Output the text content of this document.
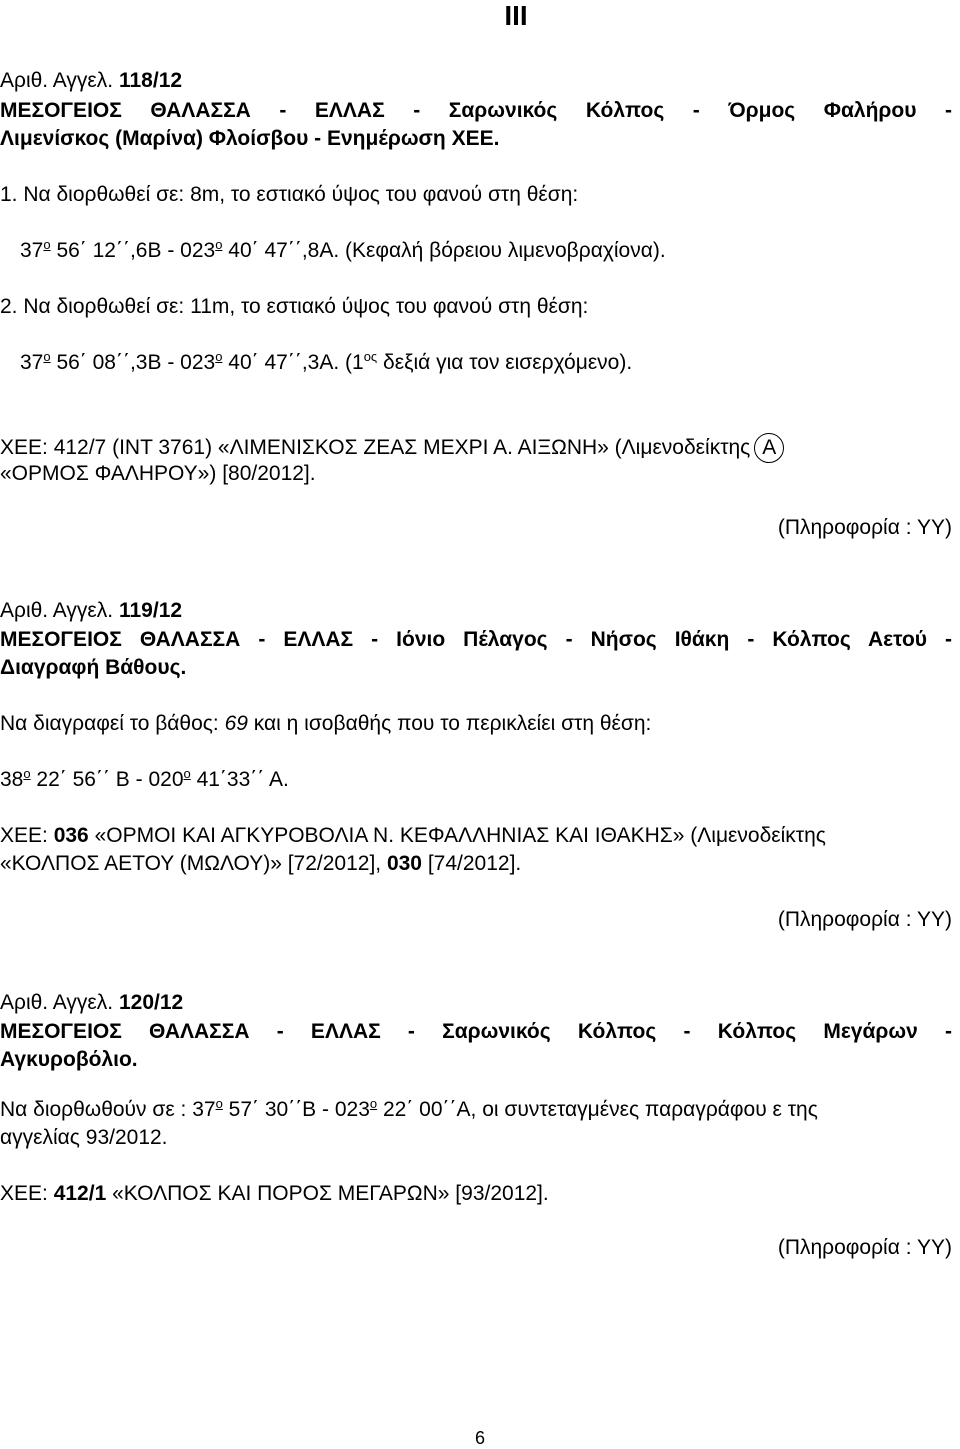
III
Αριθ. Αγγελ. 118/12
ΜΕΣΟΓΕΙΟΣ ΘΑΛΑΣΣΑ - ΕΛΛΑΣ - Σαρωνικός Κόλπος - Όρμος Φαλήρου -
Λιμενίσκος (Μαρίνα) Φλοίσβου - Ενημέρωση ΧΕΕ.
1. Να διορθωθεί σε: 8m, το εστιακό ύψος του φανού στη θέση:
$37^o$ 56΄ $12΄΄,6B - 023^o$ 40΄ 47΄΄,8Α. (Κεφαλή βόρειου λιμενοβραχίονα).
2. Να διορθωθεί σε: 11m, το εστιακό ύψος του φανού στη θέση:
$37^o$ 56΄ $08΄΄,3B - 023^o$ 40΄ 47΄΄,3Α. ($1^{o\varsigma}$ δεξιά για τον εισερχόμενο).
ΧΕΕ: 412/7 (INT 3761) «ΛΙΜΕΝΙΣΚΟΣ ΖΕΑΣ ΜΕΧΡΙ Α. ΑΙΞΩΝΗ» (Λιμενοδείκτης Α
«ΟΡΜΟΣ ΦΑΛΗΡΟΥ») [80/2012].
(Πληροφορία : ΥΥ)
Αριθ. Αγγελ. 119/12
ΜΕΣΟΓΕΙΟΣ ΘΑΛΑΣΣΑ - ΕΛΛΑΣ - Ιόνιο Πέλαγος - Νήσος Ιθάκη - Κόλπος Αετού -
Διαγραφή Βάθους.
Να διαγραφεί το βάθος: 69 και η ισοβαθής που το περικλείει στη θέση:
$38^o$ 22΄ 56΄΄ Β - $020^o$ 41΄33΄΄ Α.
ΧΕΕ: 036 «ΟΡΜΟΙ ΚΑΙ ΑΓΚΥΡΟΒΟΛΙΑ Ν. ΚΕΦΑΛΛΗΝΙΑΣ ΚΑΙ ΙΘΑΚΗΣ» (Λιμενοδείκτης
«ΚΟΛΠΟΣ ΑΕΤΟΥ (ΜΩΛΟΥ)» [72/2012], 030 [74/2012].
(Πληροφορία : ΥΥ)
Αριθ. Αγγελ. 120/12
ΜΕΣΟΓΕΙΟΣ ΘΑΛΑΣΣΑ - ΕΛΛΑΣ - Σαρωνικός Κόλπος - Κόλπος Μεγάρων -
Αγκυροβόλιο.
Να διορθωθούν σε : $37^o$ 57΄ $30΄΄B - 023^o$ 22΄ 00΄΄Α, οι συντεταγμένες παραγράφου ε της
αγγελίας 93/2012.
ΧΕΕ: 412/1 «ΚΟΛΠΟΣ ΚΑΙ ΠΟΡΟΣ ΜΕΓΑΡΩΝ» [93/2012].
(Πληροφορία : ΥΥ)
6
